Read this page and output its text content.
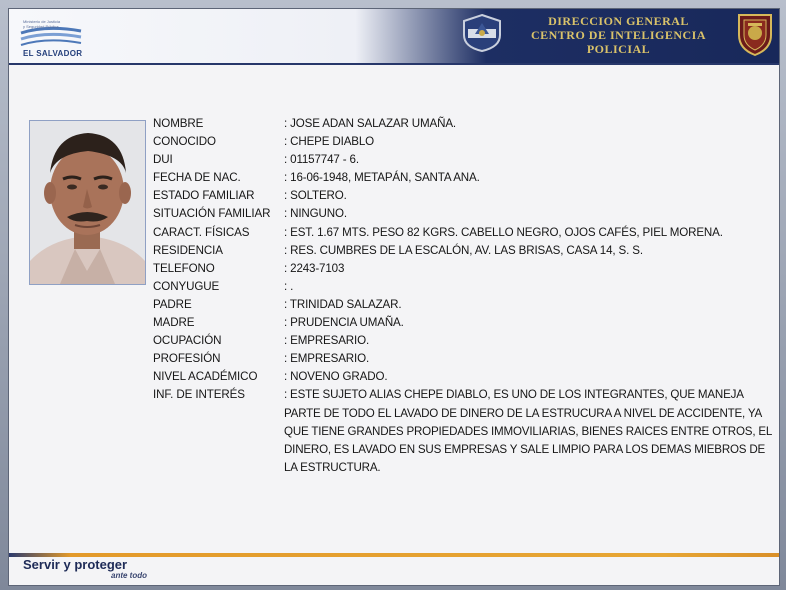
Ministerio de Justicia
y Seguridad Pública
EL SALVADOR
DIRECCION GENERAL
CENTRO DE INTELIGENCIA
POLICIAL
NOMBRE	: JOSE ADAN SALAZAR UMAÑA.
CONOCIDO	: CHEPE DIABLO
DUI	: 01157747 - 6.
FECHA DE NAC.	: 16-06-1948, METAPÁN, SANTA ANA.
ESTADO FAMILIAR	: SOLTERO.
SITUACIÓN FAMILIAR	: NINGUNO.
CARACT. FÍSICAS	: EST. 1.67 MTS. PESO 82 KGRS. CABELLO NEGRO, OJOS CAFÉS, PIEL MORENA.
RESIDENCIA	: RES. CUMBRES DE LA ESCALÓN, AV. LAS BRISAS, CASA 14, S. S.
TELEFONO	: 2243-7103
CONYUGUE	: .
PADRE	: TRINIDAD SALAZAR.
MADRE	: PRUDENCIA UMAÑA.
OCUPACIÓN	: EMPRESARIO.
PROFESIÓN	: EMPRESARIO.
NIVEL ACADÉMICO	: NOVENO GRADO.
INF. DE INTERÉS	: ESTE SUJETO ALIAS CHEPE DIABLO, ES UNO DE LOS INTEGRANTES, QUE MANEJA PARTE DE TODO EL LAVADO DE DINERO DE LA ESTRUCURA A NIVEL DE ACCIDENTE, YA QUE TIENE GRANDES PROPIEDADES IMMOVILIARIAS, BIENES RAICES ENTRE OTROS, EL DINERO, ES LAVADO EN SUS EMPRESAS Y SALE LIMPIO PARA LOS DEMAS MIEBROS DE LA ESTRUCTURA.
Servir y proteger
ante todo
